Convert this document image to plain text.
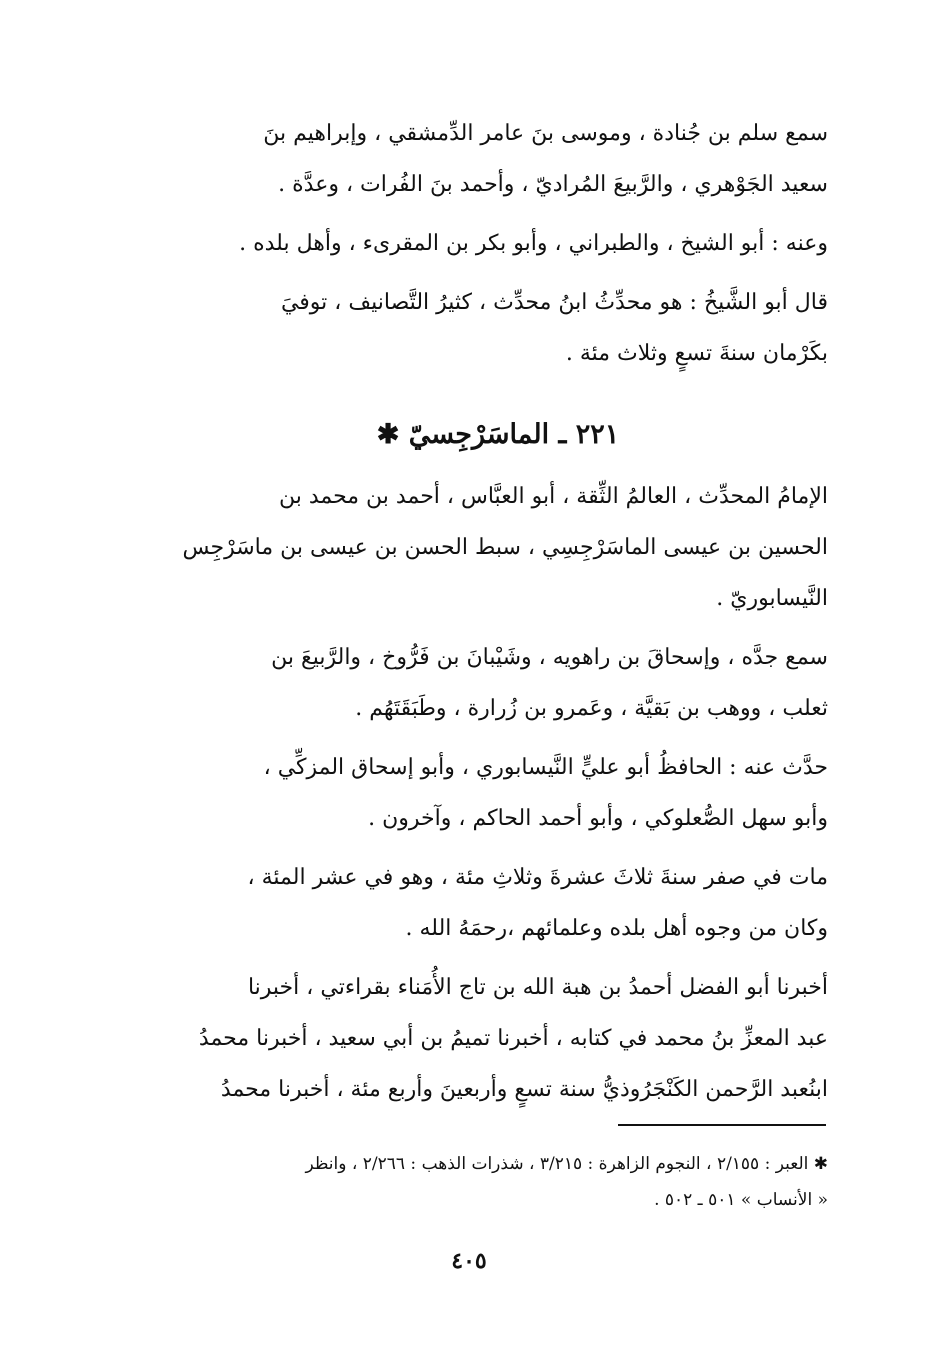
سمع سلم بن جُنادة ، وموسى بنَ عامر الدِّمشقي ، وإبراهيم بنَ
سعيد الجَوْهري ، والرَّبيعَ المُراديّ ، وأحمد بنَ الفُرات ، وعدَّة .

وعنه : أبو الشيخ ، والطبراني ، وأبو بكر بن المقرىء ، وأهل بلده .

قال أبو الشَّيخُ : هو محدِّثُ ابنُ محدِّث ، كثيرُ التَّصانيف ، توفيَ
بكَرْمان سنةَ تسعٍ وثلاث مئة .

٢٢١ ـ الماسَرْجِسيّ ✱

الإمامُ المحدِّث ، العالمُ الثِّقة ، أبو العبَّاس ، أحمد بن محمد بن
الحسين بن عيسى الماسَرْجِسِي ، سبط الحسن بن عيسى بن ماسَرْجِس
النَّيسابوريّ .

سمع جدَّه ، وإسحاقَ بن راهويه ، وشَيْبانَ بن فَرُّوخ ، والرَّبيعَ بن
ثعلب ، ووهب بن بَقيَّة ، وعَمرو بن زُرارة ، وطَبَقَتَهُم .

حدَّث عنه : الحافظُ أبو عليٍّ النَّيسابوري ، وأبو إسحاق المزكِّي ،
وأبو سهل الصُّعلوكي ، وأبو أحمد الحاكم ، وآخرون .

مات في صفر سنةَ ثلاثَ عشرةَ وثلاثِ مئة ، وهو في عشر المئة ،
وكان من وجوه أهل بلده وعلمائهم ،رحمَهُ الله .

أخبرنا أبو الفضل أحمدُ بن هبة الله بن تاج الأُمَناء بقراءتي ، أخبرنا
عبد المعزِّ بنُ محمد في كتابه ، أخبرنا تميمُ بن أبي سعيد ، أخبرنا محمدُ
ابنُعبد الرَّحمن الكَنْجَرُوذيُّ سنة تسعٍ وأربعينَ وأربع مئة ، أخبرنا محمدُ

✱ العبر : ٢/١٥٥ ، النجوم الزاهرة : ٣/٢١٥ ، شذرات الذهب : ٢/٢٦٦ ، وانظر
« الأنساب » ٥٠١ ـ ٥٠٢ .
٤٠٥
